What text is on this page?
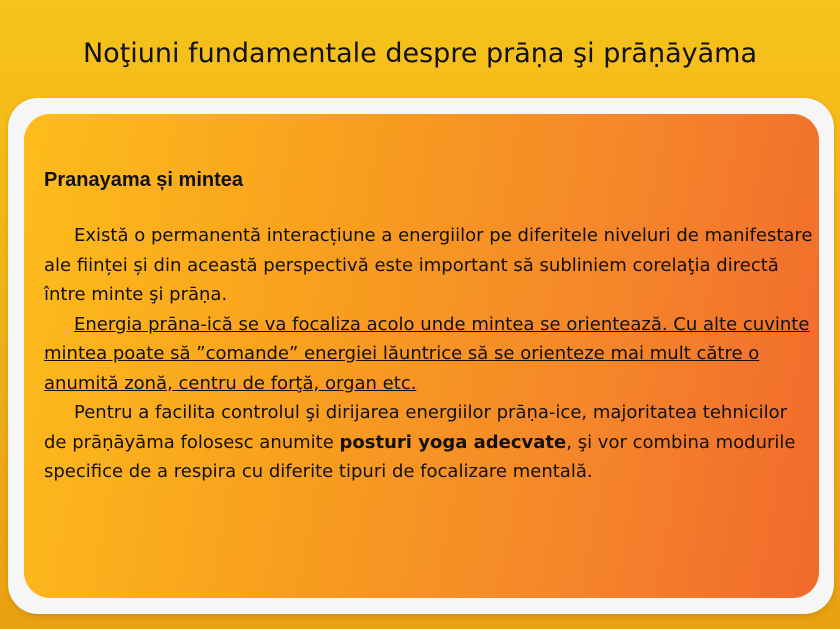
Noţiuni fundamentale despre prāṇa şi prāṇāyāma
Pranayama și mintea

Există o permanentă interacțiune a energiilor pe diferitele niveluri de manifestare ale ființei și din această perspectivă este important să subliniem corelaţia directă între minte şi prāṇa.

Energia prāna-ică se va focaliza acolo unde mintea se orientează. Cu alte cuvinte mintea poate să ”comande” energiei lăuntrice să se orienteze mai mult către o anumită zonă, centru de forţă, organ etc.

Pentru a facilita controlul şi dirijarea energiilor prāṇa-ice, majoritatea tehnicilor de prāṇāyāma folosesc anumite posturi yoga adecvate, şi vor combina modurile specifice de a respira cu diferite tipuri de focalizare mentală.
